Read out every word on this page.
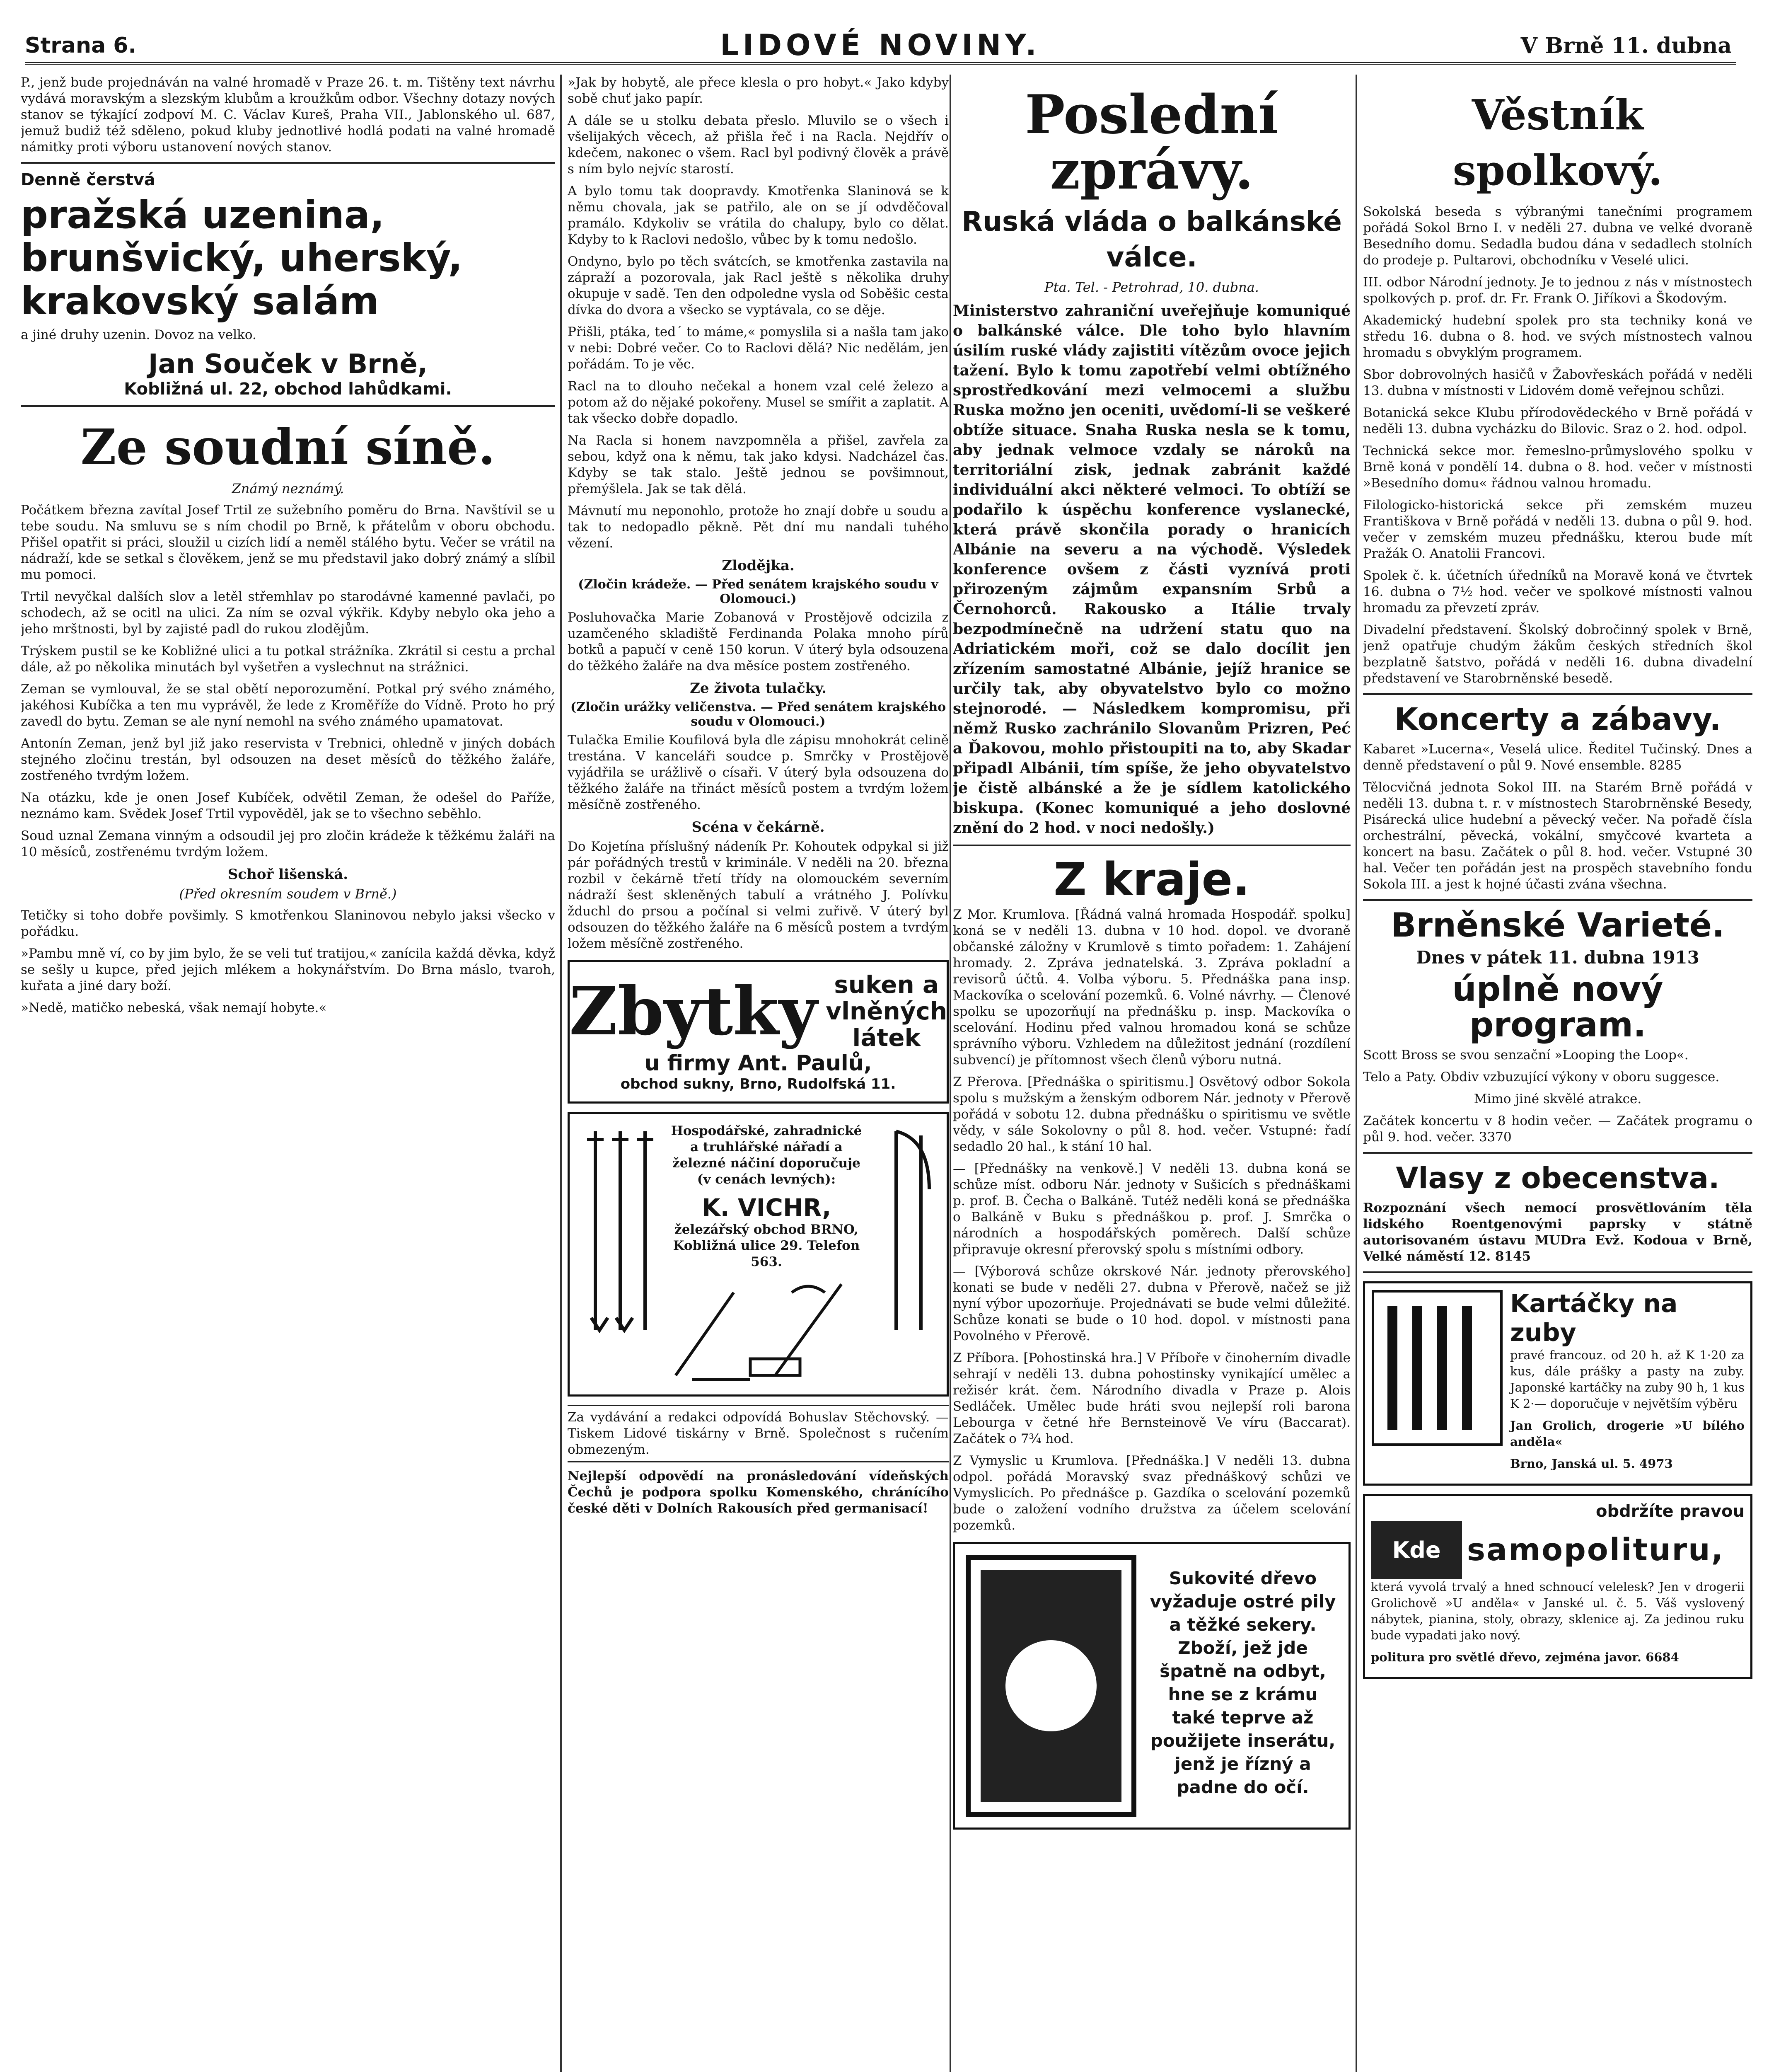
Strana 6.	LIDOVÉ NOVINY.	V Brně 11. dubna

P., jenž bude projednáván na valné hromadě v Praze 26. t. m. Tištěny text návrhu vydává moravským a slezským klubům a kroužkům odbor. Všechny dotazy nových stanov se týkající zodpoví M. C. Václav Kureš, Praha VII., Jablonského ul. 687, jemuž budiž též sděleno, pokud kluby jednotlivé hodlá podati na valné hromadě námitky proti výboru ustanovení nových stanov.

Denně čerstvá
pražská uzenina, brunšvický, uherský, krakovský salám

a jiné druhy uzenin. Dovoz na velko.

Jan Souček v Brně,
Kobližná ul. 22, obchod lahůdkami.
Ze soudní síně.
Známý neznámý.

Počátkem března zavítal Josef Trtil ze sužebního poměru do Brna. Navštívil se u tebe soudu. Na smluvu se s ním chodil po Brně, k přátelům v oboru obchodu. Přišel opatřit si práci, sloužil u cizích lidí a neměl stálého bytu. Večer se vrátil na nádraží, kde se setkal s člověkem, jenž se mu představil jako dobrý známý a slíbil mu pomoci.

Trtil nevyčkal dalších slov a letěl střemhlav po starodávné kamenné pavlači, po schodech, až se ocitl na ulici. Za ním se ozval výkřik. Kdyby nebylo oka jeho a jeho mrštnosti, byl by zajisté padl do rukou zlodějům.

Trýskem pustil se ke Kobližné ulici a tu potkal strážníka. Zkrátil si cestu a prchal dále, až po několika minutách byl vyšetřen a vyslechnut na strážnici.

Zeman se vymlouval, že se stal obětí neporozumění. Potkal prý svého známého, jakéhosi Kubíčka a ten mu vyprávěl, že lede z Kroměříže do Vídně. Proto ho prý zavedl do bytu. Zeman se ale nyní nemohl na svého známého upamatovat.

Antonín Zeman, jenž byl již jako reservista v Trebnici, ohledně v jiných dobách stejného zločinu trestán, byl odsouzen na deset měsíců do těžkého žaláře, zostřeného tvrdým ložem.

Na otázku, kde je onen Josef Kubíček, odvětil Zeman, že odešel do Paříže, neznámo kam. Svědek Josef Trtil vypověděl, jak se to všechno seběhlo.

Soud uznal Zemana vinným a odsoudil jej pro zločin krádeže k těžkému žaláři na 10 měsíců, zostřenému tvrdým ložem.

Schoř lišenská.
(Před okresním soudem v Brně.)

Tetičky si toho dobře povšimly. S kmotřenkou Slaninovou nebylo jaksi všecko v pořádku.

»Pambu mně ví, co by jim bylo, že se veli tuť tratijou,« zanícila každá děvka, když se sešly u kupce, před jejich mlékem a hokynářstvím. Do Brna máslo, tvaroh, kuřata a jiné dary boží.

»Nedě, matičko nebeská, však nemají hobyte.«

»Jak by hobytě, ale přece klesla o pro hobyt.« Jako kdyby sobě chuť jako papír.

A dále se u stolku debata přeslo. Mluvilo se o všech i všelijakých věcech, až přišla řeč i na Racla. Nejdřív o kdečem, nakonec o všem. Racl byl podivný člověk a právě s ním bylo nejvíc starostí.

A bylo tomu tak doopravdy. Kmotřenka Slaninová se k němu chovala, jak se patřilo, ale on se jí odvděčoval pramálo. Kdykoliv se vrátila do chalupy, bylo co dělat. Kdyby to k Raclovi nedošlo, vůbec by k tomu nedošlo.

Ondyno, bylo po těch svátcích, se kmotřenka zastavila na zápraží a pozorovala, jak Racl ještě s několika druhy okupuje v sadě. Ten den odpoledne vysla od Soběšic cesta dívka do dvora a všecko se vyptávala, co se děje.

Přišli, ptáka, ted´ to máme,« pomyslila si a našla tam jako v nebi: Dobré večer. Co to Raclovi dělá? Nic nedělám, jen pořádám. To je věc.

Racl na to dlouho nečekal a honem vzal celé železo a potom až do nějaké pokořeny. Musel se smířit a zaplatit. A tak všecko dobře dopadlo.

Na Racla si honem navzpomněla a přišel, zavřela za sebou, když ona k němu, tak jako kdysi. Nadcházel čas. Kdyby se tak stalo. Ještě jednou se povšimnout, přemýšlela. Jak se tak dělá.

Mávnutí mu neponohlo, protože ho znají dobře u soudu a tak to nedopadlo pěkně. Pět dní mu nandali tuhého vězení.

Zlodějka.
(Zločin krádeže. — Před senátem krajského soudu v Olomouci.)

Posluhovačka Marie Zobanová v Prostějově odcizila z uzamčeného skladiště Ferdinanda Polaka mnoho pírů botků a papučí v ceně 150 korun. V úterý byla odsouzena do těžkého žaláře na dva měsíce postem zostřeného.

Ze života tulačky.
(Zločin urážky veličenstva. — Před senátem krajského soudu v Olomouci.)

Tulačka Emilie Koufilová byla dle zápisu mnohokrát celině trestána. V kanceláři soudce p. Smrčky v Prostějově vyjádřila se urážlivě o císaři. V úterý byla odsouzena do těžkého žaláře na třináct měsíců postem a tvrdým ložem měsíčně zostřeného.

Scéna v čekárně.

Do Kojetína příslušný nádeník Pr. Kohoutek odpykal si již pár pořádných trestů v kriminále. V neděli na 20. března rozbil v čekárně třetí třídy na olomouckém severním nádraží šest skleněných tabulí a vrátného J. Polívku žduchl do prsou a počínal si velmi zuřivě. V úterý byl odsouzen do těžkého žaláře na 6 měsíců postem a tvrdým ložem měsíčně zostřeného.

Zbytky suken a vlněných látek
u firmy Ant. Paulů,
obchod sukny, Brno, Rudolfská 11.

Hospodářské, zahradnické a truhlářské nářadí a železné náčiní doporučuje (v cenách levných):

K. VICHR,

železářský obchod BRNO, Kobližná ulice 29. Telefon 563.

Za vydávání a redakci odpovídá Bohuslav Stěchovský. — Tiskem Lidové tiskárny v Brně. Společnost s ručením obmezeným.

Nejlepší odpovědí na pronásledování vídeňských Čechů je podpora spolku Komenského, chránícího české děti v Dolních Rakousích před germanisací!

Poslední zprávy.
Ruská vláda o balkánské válce.
Pta. Tel. - Petrohrad, 10. dubna.

Ministerstvo zahraniční uveřejňuje komuniqué o balkánské válce. Dle toho bylo hlavním úsilím ruské vlády zajistiti vítězům ovoce jejich tažení. Bylo k tomu zapotřebí velmi obtížného sprostředkování mezi velmocemi a službu Ruska možno jen oceniti, uvědomí-li se veškeré obtíže situace. Snaha Ruska nesla se k tomu, aby jednak velmoce vzdaly se nároků na territoriální zisk, jednak zabránit každé individuální akci některé velmoci. To obtíží se podařilo k úspěchu konference vyslanecké, která právě skončila porady o hranicích Albánie na severu a na východě. Výsledek konference ovšem z části vyznívá proti přirozeným zájmům expansním Srbů a Černohorců. Rakousko a Itálie trvaly bezpodmínečně na udržení statu quo na Adriatickém moři, což se dalo docílit jen zřízením samostatné Albánie, jejíž hranice se určily tak, aby obyvatelstvo bylo co možno stejnorodé. — Následkem kompromisu, při němž Rusko zachránilo Slovanům Prizren, Peć a Ďakovou, mohlo přistoupiti na to, aby Skadar připadl Albánii, tím spíše, že jeho obyvatelstvo je čistě albánské a že je sídlem katolického biskupa. (Konec komuniqué a jeho doslovné znění do 2 hod. v noci nedošly.)

Z kraje.

Z Mor. Krumlova. [Řádná valná hromada Hospodář. spolku] koná se v neděli 13. dubna v 10 hod. dopol. ve dvoraně občanské záložny v Krumlově s timto pořadem: 1. Zahájení hromady. 2. Zpráva jednatelská. 3. Zpráva pokladní a revisorů účtů. 4. Volba výboru. 5. Přednáška pana insp. Mackovíka o scelování pozemků. 6. Volné návrhy. — Členové spolku se upozorňují na přednášku p. insp. Mackovíka o scelování. Hodinu před valnou hromadou koná se schůze správního výboru. Vzhledem na důležitost jednání (rozdílení subvencí) je přítomnost všech členů výboru nutná.

Z Přerova. [Přednáška o spiritismu.] Osvětový odbor Sokola spolu s mužským a ženským odborem Nár. jednoty v Přerově pořádá v sobotu 12. dubna přednášku o spiritismu ve světle vědy, v sále Sokolovny o půl 8. hod. večer. Vstupné: řadí sedadlo 20 hal., k stání 10 hal.

— [Přednášky na venkově.] V neděli 13. dubna koná se schůze míst. odboru Nár. jednoty v Sušicích s přednáškami p. prof. B. Čecha o Balkáně. Tutéž neděli koná se přednáška o Balkáně v Buku s přednáškou p. prof. J. Smrčka o národních a hospodářských poměrech. Další schůze připravuje okresní přerovský spolu s místními odbory.

— [Výborová schůze okrskové Nár. jednoty přerovského] konati se bude v neděli 27. dubna v Přerově, načež se již nyní výbor upozorňuje. Projednávati se bude velmi důležité. Schůze konati se bude o 10 hod. dopol. v místnosti pana Povolného v Přerově.

Z Příbora. [Pohostinská hra.] V Příboře v činoherním divadle sehrají v neděli 13. dubna pohostinsky vynikající umělec a režisér krát. čem. Národního divadla v Praze p. Alois Sedláček. Umělec bude hráti svou nejlepší roli barona Lebourga v četné hře Bernsteinově Ve víru (Baccarat). Začátek o 7¾ hod.

Z Vymyslic u Krumlova. [Přednáška.] V neděli 13. dubna odpol. pořádá Moravský svaz přednáškový schůzi ve Vymyslicích. Po přednášce p. Gazdíka o scelování pozemků bude o založení vodního družstva za účelem scelování pozemků.

Sukovité dřevo vyžaduje ostré pily a těžké sekery. Zboží, jež jde špatně na odbyt, hne se z krámu také teprve až použijete inserátu, jenž je řízný a padne do očí.

Věstník spolkový.

Sokolská beseda s výbranými tanečními programem pořádá Sokol Brno I. v neděli 27. dubna ve velké dvoraně Besedního domu. Sedadla budou dána v sedadlech stolních do prodeje p. Pultarovi, obchodníku v Veselé ulici.

III. odbor Národní jednoty. Je to jednou z nás v místnostech spolkových p. prof. dr. Fr. Frank O. Jiříkovi a Škodovým.

Akademický hudební spolek pro sta techniky koná ve středu 16. dubna o 8. hod. ve svých místnostech valnou hromadu s obvyklým programem.

Sbor dobrovolných hasičů v Žabovřeskách pořádá v neděli 13. dubna v místnosti v Lidovém domě veřejnou schůzi.

Botanická sekce Klubu přírodovědeckého v Brně pořádá v neděli 13. dubna vycházku do Bilovic. Sraz o 2. hod. odpol.

Technická sekce mor. řemeslno-průmyslového spolku v Brně koná v pondělí 14. dubna o 8. hod. večer v místnosti »Besedního domu« řádnou valnou hromadu.

Filologicko-historická sekce při zemském muzeu Františkova v Brně pořádá v neděli 13. dubna o půl 9. hod. večer v zemském muzeu přednášku, kterou bude mít Pražák O. Anatolii Francovi.

Spolek č. k. účetních úředníků na Moravě koná ve čtvrtek 16. dubna o 7½ hod. večer ve spolkové místnosti valnou hromadu za převzetí zpráv.

Divadelní představení. Školský dobročinný spolek v Brně, jenž opatřuje chudým žákům českých středních škol bezplatně šatstvo, pořádá v neděli 16. dubna divadelní představení ve Starobrněnské besedě.

Koncerty a zábavy.

Kabaret »Lucerna«, Veselá ulice. Ředitel Tučinský. Dnes a denně představení o půl 9. Nové ensemble. 8285

Tělocvičná jednota Sokol III. na Starém Brně pořádá v neděli 13. dubna t. r. v místnostech Starobrněnské Besedy, Pisárecká ulice hudební a pěvecký večer. Na pořadě čísla orchestrální, pěvecká, vokální, smyčcové kvarteta a koncert na basu. Začátek o půl 8. hod. večer. Vstupné 30 hal. Večer ten pořádán jest na prospěch stavebního fondu Sokola III. a jest k hojné účasti zvána všechna.

Brněnské Varieté.
Dnes v pátek 11. dubna 1913
úplně nový program.

Scott Bross se svou senzační »Looping the Loop«.

Telo a Paty. Obdiv vzbuzující výkony v oboru suggesce.

Mimo jiné skvělé atrakce.

Začátek koncertu v 8 hodin večer. — Začátek programu o půl 9. hod. večer. 3370

Vlasy z obecenstva.

Rozpoznání všech nemocí prosvětlováním těla lidského Roentgenovými paprsky v státně autorisovaném ústavu MUDra Evž. Kodoua v Brně, Velké náměstí 12. 8145

Kartáčky na zuby

pravé francouz. od 20 h. až K 1·20 za kus, dále prášky a pasty na zuby. Japonské kartáčky na zuby 90 h, 1 kus K 2·— doporučuje v největším výběru

Jan Grolich, drogerie »U bílého anděla«

Brno, Janská ul. 5. 4973

obdržíte pravou
Kde samopolituru,

která vyvolá trvalý a hned schnoucí velelesk? Jen v drogerii Grolichově »U anděla« v Janské ul. č. 5. Váš vyslovený nábytek, pianina, stoly, obrazy, sklenice aj. Za jedinou ruku bude vypadati jako nový.

politura pro světlé dřevo, zejména javor. 6684
